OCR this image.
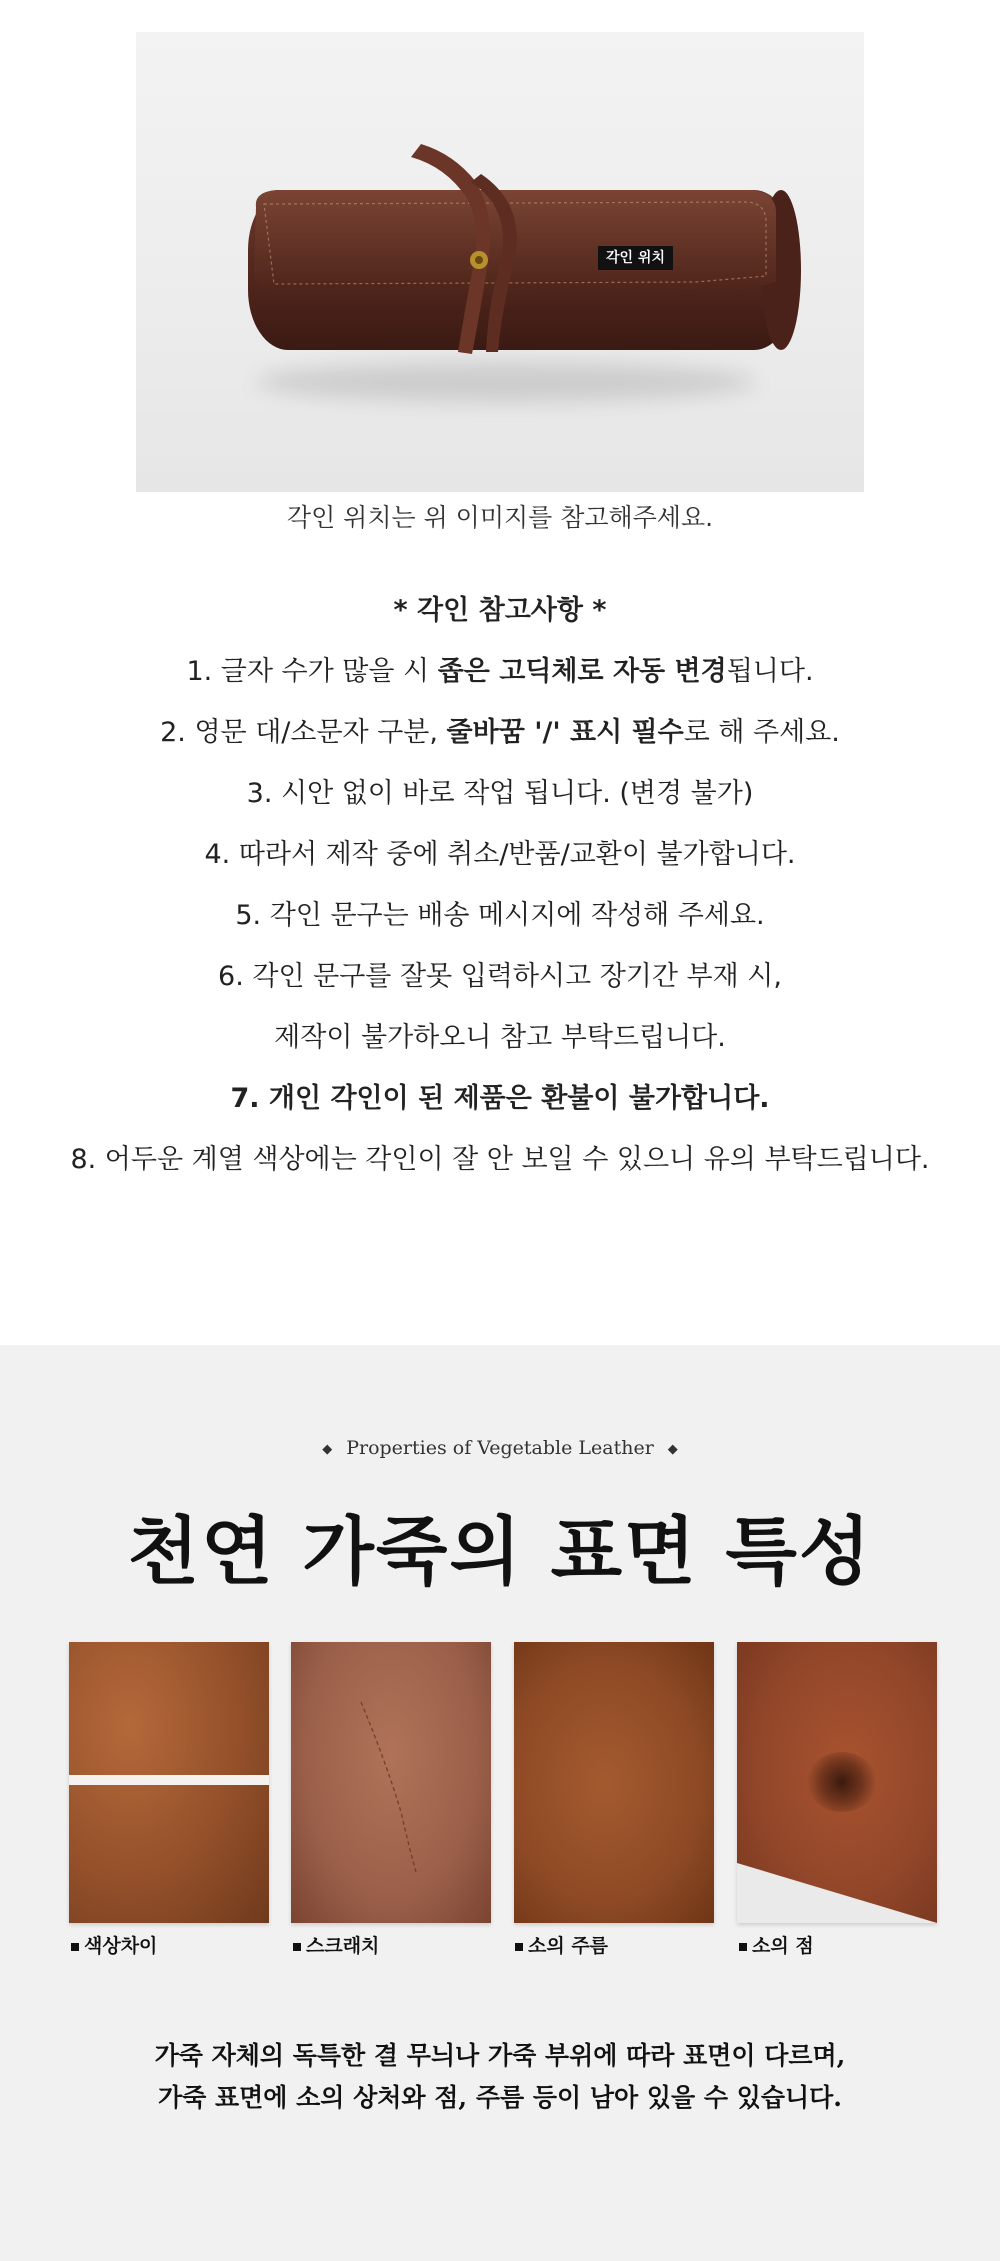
각인 위치
각인 위치는 위 이미지를 참고해주세요.
* 각인 참고사항 *
1. 글자 수가 많을 시 좁은 고딕체로 자동 변경됩니다.
2. 영문 대/소문자 구분, 줄바꿈 '/' 표시 필수로 해 주세요.
3. 시안 없이 바로 작업 됩니다. (변경 불가)
4. 따라서 제작 중에 취소/반품/교환이 불가합니다.
5. 각인 문구는 배송 메시지에 작성해 주세요.
6. 각인 문구를 잘못 입력하시고 장기간 부재 시,
제작이 불가하오니 참고 부탁드립니다.
7. 개인 각인이 된 제품은 환불이 불가합니다.
8. 어두운 계열 색상에는 각인이 잘 안 보일 수 있으니 유의 부탁드립니다.
◆ Properties of Vegetable Leather ◆
천연 가죽의 표면 특성
색상차이	스크래치	소의 주름	소의 점
가죽 자체의 독특한 결 무늬나 가죽 부위에 따라 표면이 다르며,
가죽 표면에 소의 상처와 점, 주름 등이 남아 있을 수 있습니다.
